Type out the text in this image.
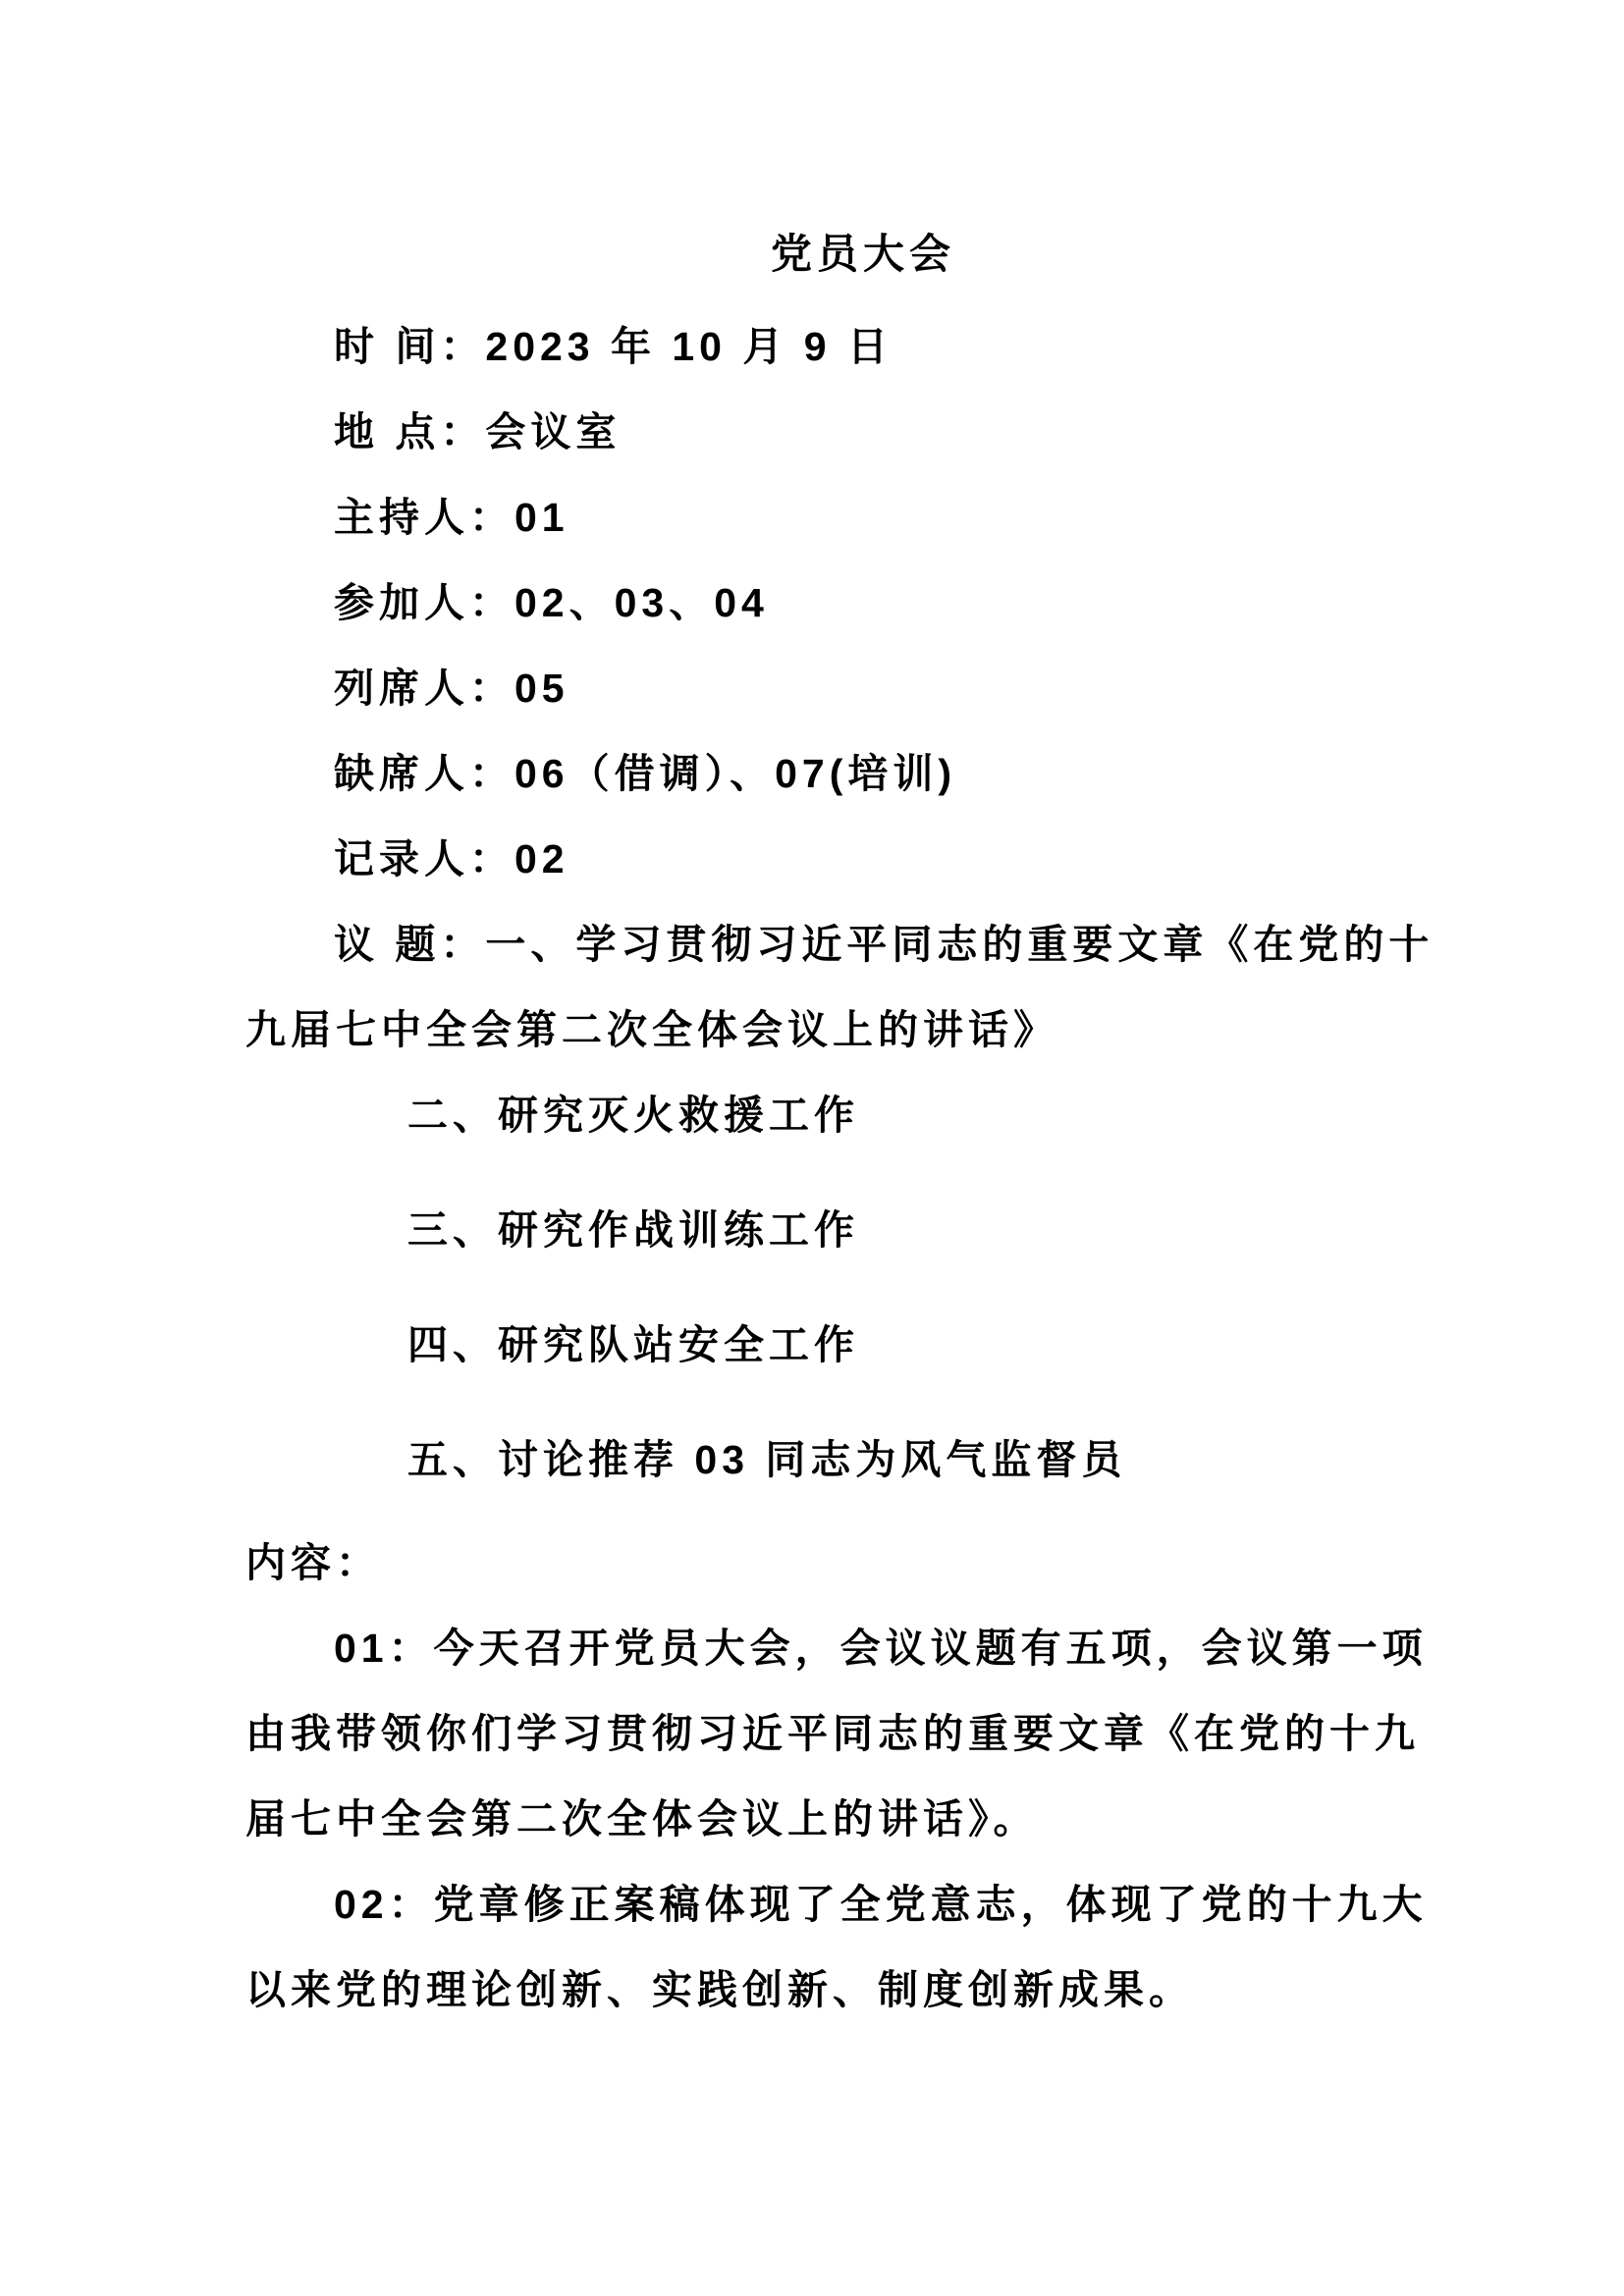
党员大会
时 间：2023 年 10 月 9 日
地 点：会议室
主持人：01
参加人：02、03、04
列席人：05
缺席人：06（借调）、07(培训)
记录人：02
议 题：一、学习贯彻习近平同志的重要文章《在党的十
九届七中全会第二次全体会议上的讲话》
二、研究灭火救援工作
三、研究作战训练工作
四、研究队站安全工作
五、讨论推荐 03 同志为风气监督员
内容：
01：今天召开党员大会，会议议题有五项，会议第一项
由我带领你们学习贯彻习近平同志的重要文章《在党的十九
届七中全会第二次全体会议上的讲话》。
02：党章修正案稿体现了全党意志，体现了党的十九大
以来党的理论创新、实践创新、制度创新成果。
